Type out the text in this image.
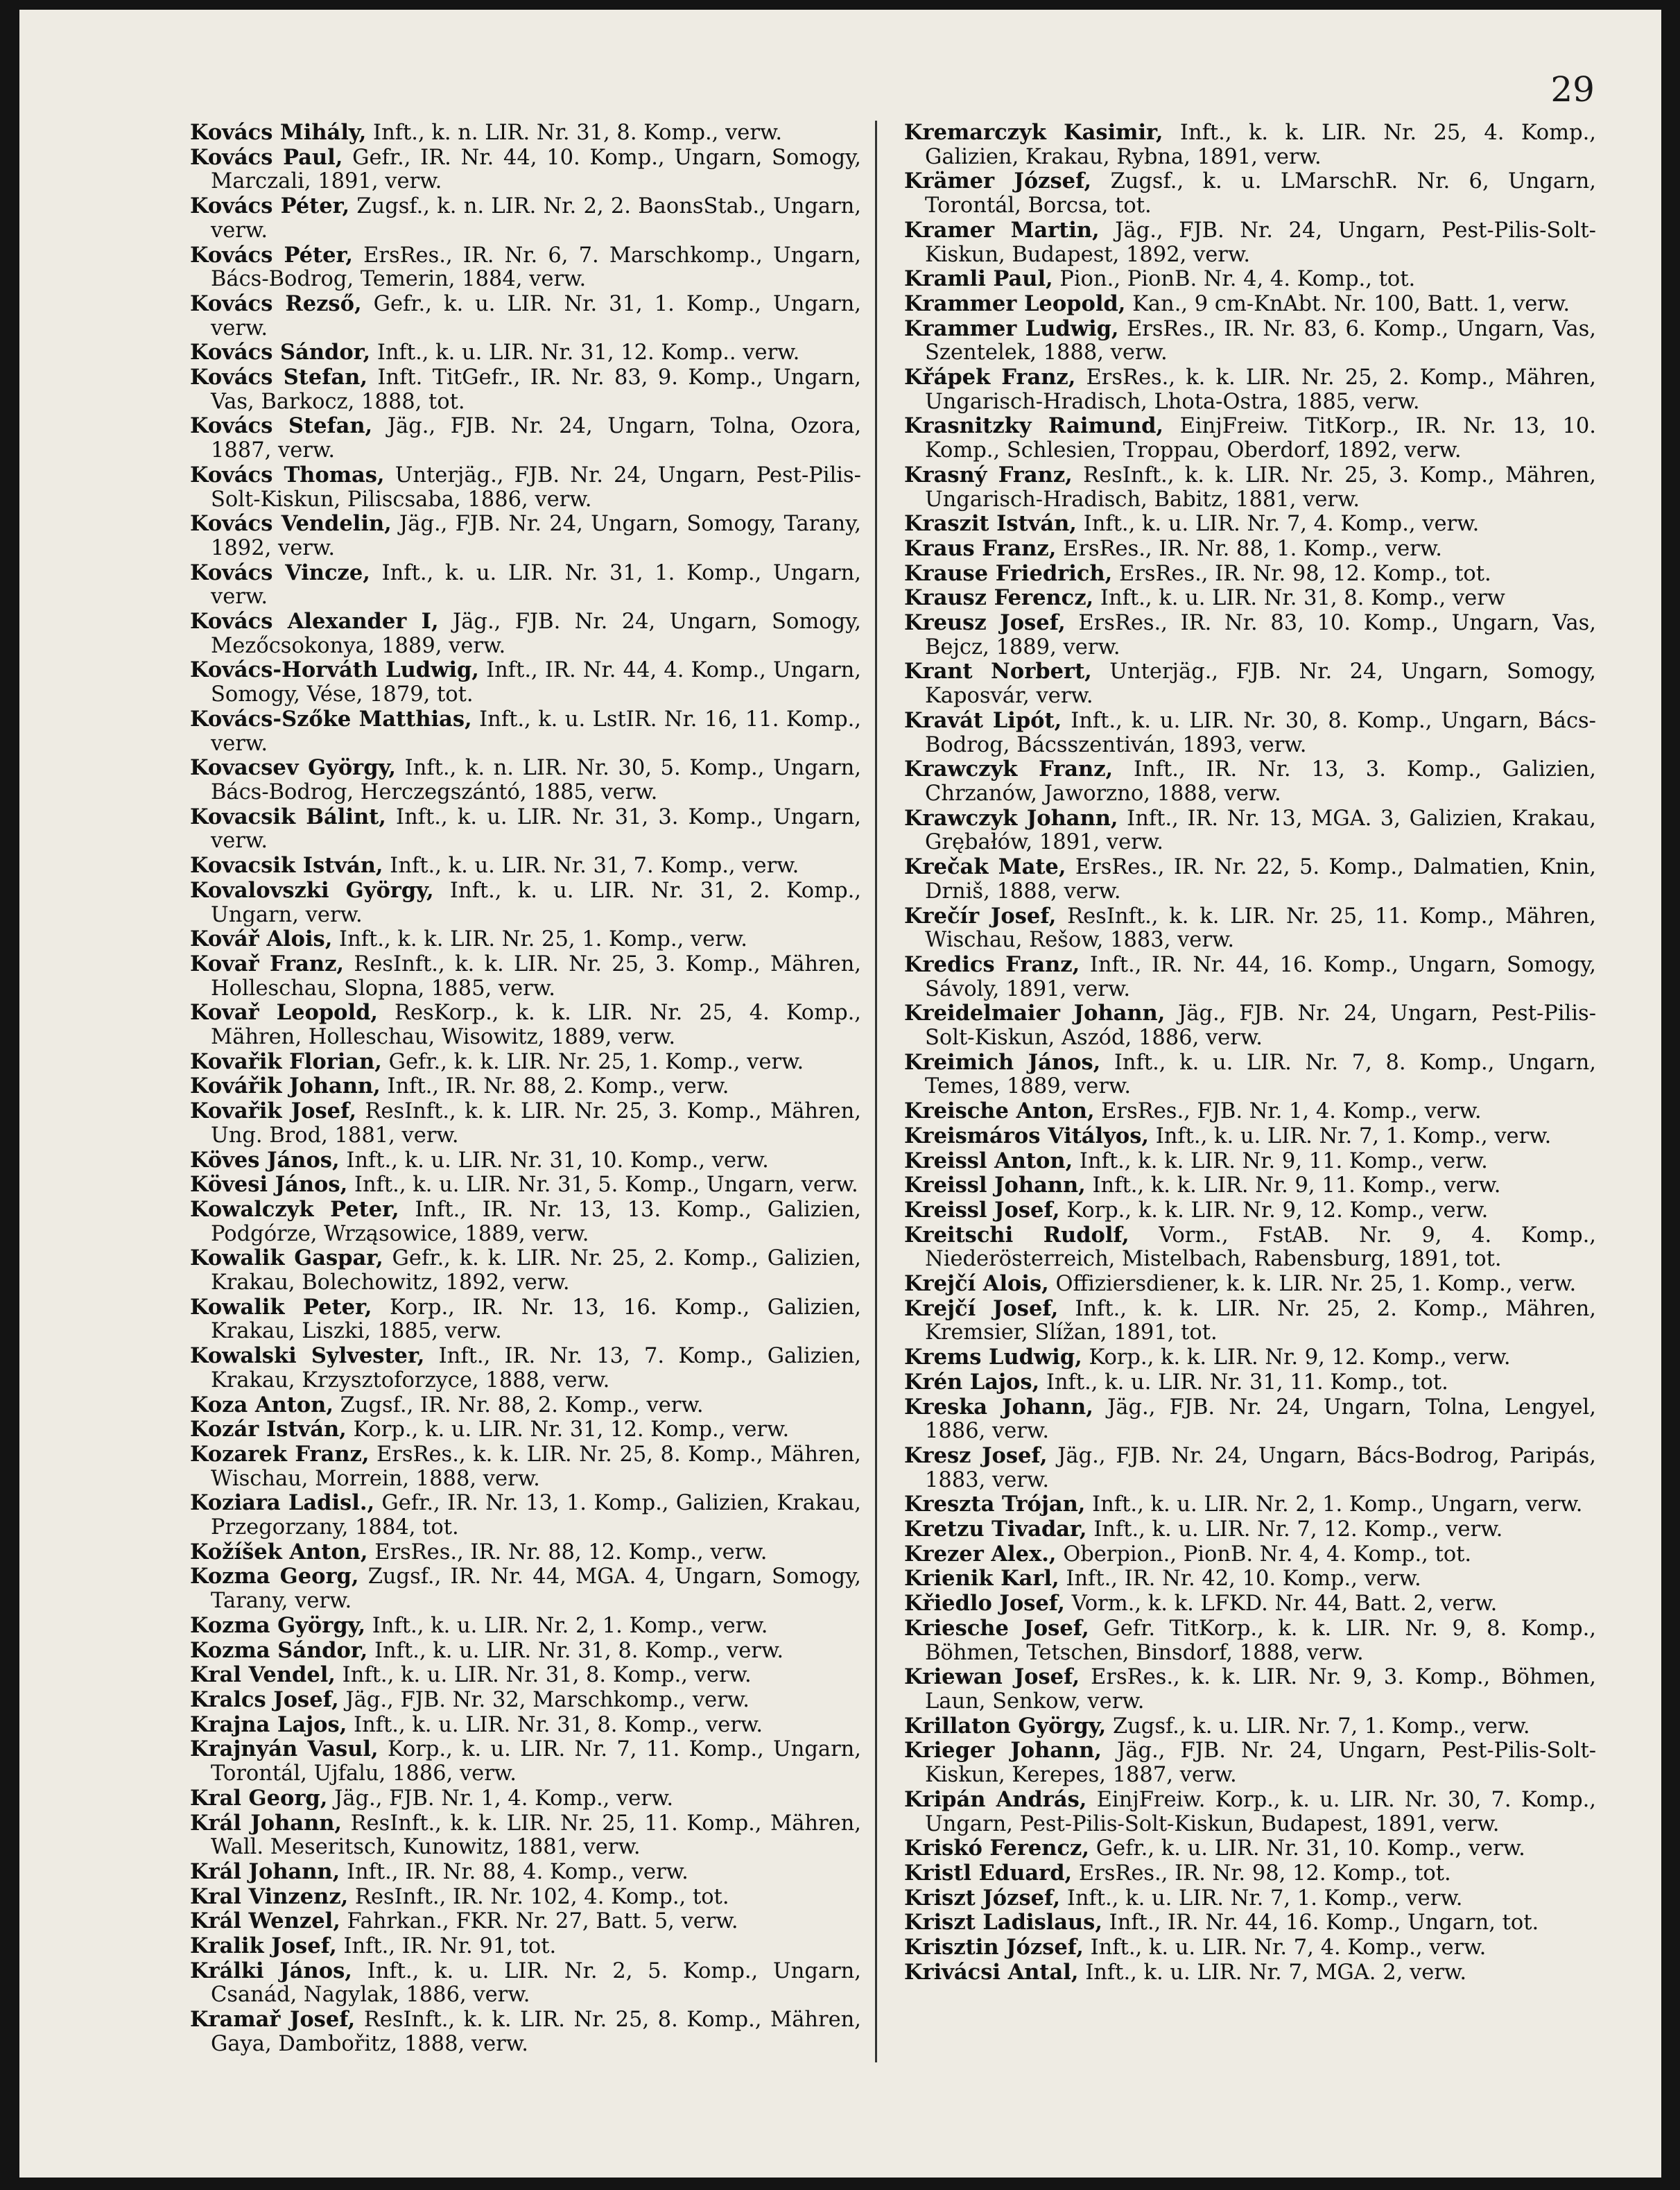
29
Kovács Mihály, Inft., k. n. LIR. Nr. 31, 8. Komp., verw.
Kovács Paul, Gefr., IR. Nr. 44, 10. Komp., Ungarn, Somogy, Marczali, 1891, verw.
Kovács Péter, Zugsf., k. n. LIR. Nr. 2, 2. BaonsStab., Ungarn, verw.
Kovács Péter, ErsRes., IR. Nr. 6, 7. Marschkomp., Ungarn, Bács-Bodrog, Temerin, 1884, verw.
Kovács Rezső, Gefr., k. u. LIR. Nr. 31, 1. Komp., Ungarn, verw.
Kovács Sándor, Inft., k. u. LIR. Nr. 31, 12. Komp.. verw.
Kovács Stefan, Inft. TitGefr., IR. Nr. 83, 9. Komp., Ungarn, Vas, Barkocz, 1888, tot.
Kovács Stefan, Jäg., FJB. Nr. 24, Ungarn, Tolna, Ozora, 1887, verw.
Kovács Thomas, Unterjäg., FJB. Nr. 24, Ungarn, Pest-Pilis-Solt-Kiskun, Piliscsaba, 1886, verw.
Kovács Vendelin, Jäg., FJB. Nr. 24, Ungarn, Somogy, Tarany, 1892, verw.
Kovács Vincze, Inft., k. u. LIR. Nr. 31, 1. Komp., Ungarn, verw.
Kovács Alexander I, Jäg., FJB. Nr. 24, Ungarn, Somogy, Mezőcsokonya, 1889, verw.
Kovács-Horváth Ludwig, Inft., IR. Nr. 44, 4. Komp., Ungarn, Somogy, Vése, 1879, tot.
Kovács-Szőke Matthias, Inft., k. u. LstIR. Nr. 16, 11. Komp., verw.
Kovacsev György, Inft., k. n. LIR. Nr. 30, 5. Komp., Ungarn, Bács-Bodrog, Herczegszántó, 1885, verw.
Kovacsik Bálint, Inft., k. u. LIR. Nr. 31, 3. Komp., Ungarn, verw.
Kovacsik István, Inft., k. u. LIR. Nr. 31, 7. Komp., verw.
Kovalovszki György, Inft., k. u. LIR. Nr. 31, 2. Komp., Ungarn, verw.
Kovář Alois, Inft., k. k. LIR. Nr. 25, 1. Komp., verw.
Kovař Franz, ResInft., k. k. LIR. Nr. 25, 3. Komp., Mähren, Holleschau, Slopna, 1885, verw.
Kovař Leopold, ResKorp., k. k. LIR. Nr. 25, 4. Komp., Mähren, Holleschau, Wisowitz, 1889, verw.
Kovařik Florian, Gefr., k. k. LIR. Nr. 25, 1. Komp., verw.
Kovářik Johann, Inft., IR. Nr. 88, 2. Komp., verw.
Kovařik Josef, ResInft., k. k. LIR. Nr. 25, 3. Komp., Mähren, Ung. Brod, 1881, verw.
Köves János, Inft., k. u. LIR. Nr. 31, 10. Komp., verw.
Kövesi János, Inft., k. u. LIR. Nr. 31, 5. Komp., Ungarn, verw.
Kowalczyk Peter, Inft., IR. Nr. 13, 13. Komp., Galizien, Podgórze, Wrząsowice, 1889, verw.
Kowalik Gaspar, Gefr., k. k. LIR. Nr. 25, 2. Komp., Galizien, Krakau, Bolechowitz, 1892, verw.
Kowalik Peter, Korp., IR. Nr. 13, 16. Komp., Galizien, Krakau, Liszki, 1885, verw.
Kowalski Sylvester, Inft., IR. Nr. 13, 7. Komp., Galizien, Krakau, Krzysztoforzyce, 1888, verw.
Koza Anton, Zugsf., IR. Nr. 88, 2. Komp., verw.
Kozár István, Korp., k. u. LIR. Nr. 31, 12. Komp., verw.
Kozarek Franz, ErsRes., k. k. LIR. Nr. 25, 8. Komp., Mähren, Wischau, Morrein, 1888, verw.
Koziara Ladisl., Gefr., IR. Nr. 13, 1. Komp., Galizien, Krakau, Przegorzany, 1884, tot.
Kožíšek Anton, ErsRes., IR. Nr. 88, 12. Komp., verw.
Kozma Georg, Zugsf., IR. Nr. 44, MGA. 4, Ungarn, Somogy, Tarany, verw.
Kozma György, Inft., k. u. LIR. Nr. 2, 1. Komp., verw.
Kozma Sándor, Inft., k. u. LIR. Nr. 31, 8. Komp., verw.
Kral Vendel, Inft., k. u. LIR. Nr. 31, 8. Komp., verw.
Kralcs Josef, Jäg., FJB. Nr. 32, Marschkomp., verw.
Krajna Lajos, Inft., k. u. LIR. Nr. 31, 8. Komp., verw.
Krajnyán Vasul, Korp., k. u. LIR. Nr. 7, 11. Komp., Ungarn, Torontál, Ujfalu, 1886, verw.
Kral Georg, Jäg., FJB. Nr. 1, 4. Komp., verw.
Král Johann, ResInft., k. k. LIR. Nr. 25, 11. Komp., Mähren, Wall. Meseritsch, Kunowitz, 1881, verw.
Král Johann, Inft., IR. Nr. 88, 4. Komp., verw.
Kral Vinzenz, ResInft., IR. Nr. 102, 4. Komp., tot.
Král Wenzel, Fahrkan., FKR. Nr. 27, Batt. 5, verw.
Kralik Josef, Inft., IR. Nr. 91, tot.
Králki János, Inft., k. u. LIR. Nr. 2, 5. Komp., Ungarn, Csanád, Nagylak, 1886, verw.
Kramař Josef, ResInft., k. k. LIR. Nr. 25, 8. Komp., Mähren, Gaya, Dambořitz, 1888, verw.
Kremarczyk Kasimir, Inft., k. k. LIR. Nr. 25, 4. Komp., Galizien, Krakau, Rybna, 1891, verw.
Krämer József, Zugsf., k. u. LMarschR. Nr. 6, Ungarn, Torontál, Borcsa, tot.
Kramer Martin, Jäg., FJB. Nr. 24, Ungarn, Pest-Pilis-Solt-Kiskun, Budapest, 1892, verw.
Kramli Paul, Pion., PionB. Nr. 4, 4. Komp., tot.
Krammer Leopold, Kan., 9 cm-KnAbt. Nr. 100, Batt. 1, verw.
Krammer Ludwig, ErsRes., IR. Nr. 83, 6. Komp., Ungarn, Vas, Szentelek, 1888, verw.
Křápek Franz, ErsRes., k. k. LIR. Nr. 25, 2. Komp., Mähren, Ungarisch-Hradisch, Lhota-Ostra, 1885, verw.
Krasnitzky Raimund, EinjFreiw. TitKorp., IR. Nr. 13, 10. Komp., Schlesien, Troppau, Oberdorf, 1892, verw.
Krasný Franz, ResInft., k. k. LIR. Nr. 25, 3. Komp., Mähren, Ungarisch-Hradisch, Babitz, 1881, verw.
Kraszit István, Inft., k. u. LIR. Nr. 7, 4. Komp., verw.
Kraus Franz, ErsRes., IR. Nr. 88, 1. Komp., verw.
Krause Friedrich, ErsRes., IR. Nr. 98, 12. Komp., tot.
Krausz Ferencz, Inft., k. u. LIR. Nr. 31, 8. Komp., verw
Kreusz Josef, ErsRes., IR. Nr. 83, 10. Komp., Ungarn, Vas, Bejcz, 1889, verw.
Krant Norbert, Unterjäg., FJB. Nr. 24, Ungarn, Somogy, Kaposvár, verw.
Kravát Lipót, Inft., k. u. LIR. Nr. 30, 8. Komp., Ungarn, Bács-Bodrog, Bácsszentiván, 1893, verw.
Krawczyk Franz, Inft., IR. Nr. 13, 3. Komp., Galizien, Chrzanów, Jaworzno, 1888, verw.
Krawczyk Johann, Inft., IR. Nr. 13, MGA. 3, Galizien, Krakau, Grębałów, 1891, verw.
Krečak Mate, ErsRes., IR. Nr. 22, 5. Komp., Dalmatien, Knin, Drniš, 1888, verw.
Krečír Josef, ResInft., k. k. LIR. Nr. 25, 11. Komp., Mähren, Wischau, Rešow, 1883, verw.
Kredics Franz, Inft., IR. Nr. 44, 16. Komp., Ungarn, Somogy, Sávoly, 1891, verw.
Kreidelmaier Johann, Jäg., FJB. Nr. 24, Ungarn, Pest-Pilis-Solt-Kiskun, Aszód, 1886, verw.
Kreimich János, Inft., k. u. LIR. Nr. 7, 8. Komp., Ungarn, Temes, 1889, verw.
Kreische Anton, ErsRes., FJB. Nr. 1, 4. Komp., verw.
Kreismáros Vitályos, Inft., k. u. LIR. Nr. 7, 1. Komp., verw.
Kreissl Anton, Inft., k. k. LIR. Nr. 9, 11. Komp., verw.
Kreissl Johann, Inft., k. k. LIR. Nr. 9, 11. Komp., verw.
Kreissl Josef, Korp., k. k. LIR. Nr. 9, 12. Komp., verw.
Kreitschi Rudolf, Vorm., FstAB. Nr. 9, 4. Komp., Niederösterreich, Mistelbach, Rabensburg, 1891, tot.
Krejčí Alois, Offiziersdiener, k. k. LIR. Nr. 25, 1. Komp., verw.
Krejčí Josef, Inft., k. k. LIR. Nr. 25, 2. Komp., Mähren, Kremsier, Slížan, 1891, tot.
Krems Ludwig, Korp., k. k. LIR. Nr. 9, 12. Komp., verw.
Krén Lajos, Inft., k. u. LIR. Nr. 31, 11. Komp., tot.
Kreska Johann, Jäg., FJB. Nr. 24, Ungarn, Tolna, Lengyel, 1886, verw.
Kresz Josef, Jäg., FJB. Nr. 24, Ungarn, Bács-Bodrog, Paripás, 1883, verw.
Kreszta Trójan, Inft., k. u. LIR. Nr. 2, 1. Komp., Ungarn, verw.
Kretzu Tivadar, Inft., k. u. LIR. Nr. 7, 12. Komp., verw.
Krezer Alex., Oberpion., PionB. Nr. 4, 4. Komp., tot.
Krienik Karl, Inft., IR. Nr. 42, 10. Komp., verw.
Křiedlo Josef, Vorm., k. k. LFKD. Nr. 44, Batt. 2, verw.
Kriesche Josef, Gefr. TitKorp., k. k. LIR. Nr. 9, 8. Komp., Böhmen, Tetschen, Binsdorf, 1888, verw.
Kriewan Josef, ErsRes., k. k. LIR. Nr. 9, 3. Komp., Böhmen, Laun, Senkow, verw.
Krillaton György, Zugsf., k. u. LIR. Nr. 7, 1. Komp., verw.
Krieger Johann, Jäg., FJB. Nr. 24, Ungarn, Pest-Pilis-Solt-Kiskun, Kerepes, 1887, verw.
Kripán András, EinjFreiw. Korp., k. u. LIR. Nr. 30, 7. Komp., Ungarn, Pest-Pilis-Solt-Kiskun, Budapest, 1891, verw.
Kriskó Ferencz, Gefr., k. u. LIR. Nr. 31, 10. Komp., verw.
Kristl Eduard, ErsRes., IR. Nr. 98, 12. Komp., tot.
Kriszt József, Inft., k. u. LIR. Nr. 7, 1. Komp., verw.
Kriszt Ladislaus, Inft., IR. Nr. 44, 16. Komp., Ungarn, tot.
Krisztin József, Inft., k. u. LIR. Nr. 7, 4. Komp., verw.
Krivácsi Antal, Inft., k. u. LIR. Nr. 7, MGA. 2, verw.
